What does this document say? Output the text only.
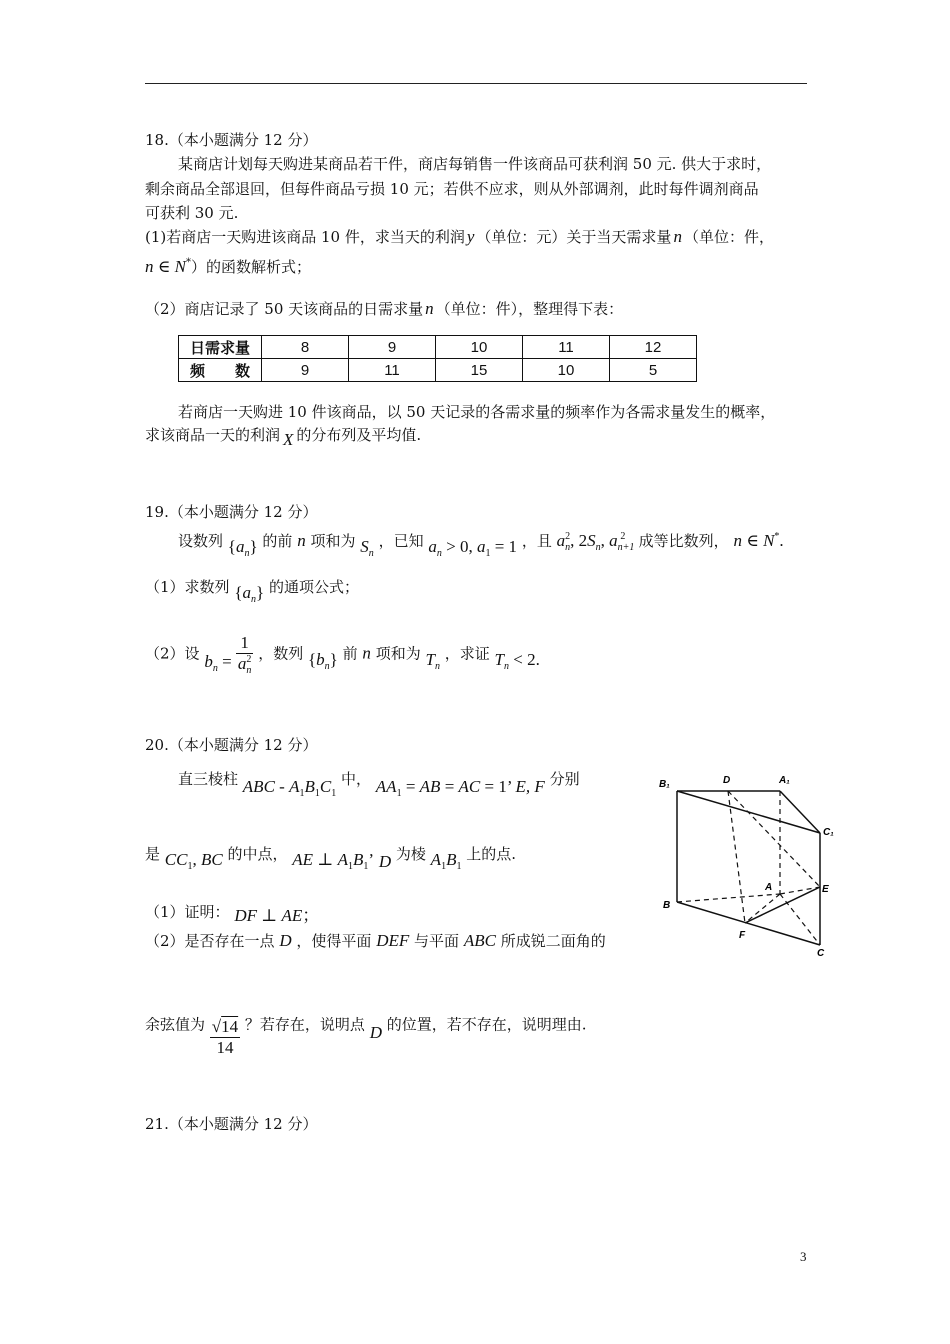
18.（本小题满分 12 分）
某商店计划每天购进某商品若干件，商店每销售一件该商品可获利润 50 元. 供大于求时，
剩余商品全部退回，但每件商品亏损 10 元；若供不应求，则从外部调剂，此时每件调剂商品
可获利 30 元.
(1)若商店一天购进该商品 10 件，求当天的利润 y （单位：元）关于当天需求量 n （单位：件，
n ∈ N*）的函数解析式；
（2）商店记录了 50 天该商品的日需求量 n （单位：件），整理得下表：
日需求量	8	9	10	11	12
频　　数	9	11	15	10	5
若商店一天购进 10 件该商品，以 50 天记录的各需求量的频率作为各需求量发生的概率，
求该商品一天的利润 X 的分布列及平均值.
19.（本小题满分 12 分）
设数列 $\{a_n\}$ 的前 n 项和为 $S_n$ ，已知 $a_n > 0$, $a_1 = 1$ ，且 $a_n^2$, $2S_n$, $a_{n+1}^2$ 成等比数列， n ∈ N*.
（1）求数列 $\{a_n\}$ 的通项公式；
（2）设 $b_n = \frac{1}{a_n^2}$ ，数列 $\{b_n\}$ 前 n 项和为 $T_n$ ，求证 $T_n < 2$.
20.（本小题满分 12 分）
直三棱柱 ABC - $A_1B_1C_1$ 中， $AA_1$ = AB = AC = 1’ E, F 分别
是 $CC_1$, BC 的中点， AE ⊥ $A_1B_1$’ D 为棱 $A_1B_1$ 上的点.
（1）证明： DF ⊥ AE；
（2）是否存在一点 D ，使得平面 DEF 与平面 ABC 所成锐二面角的
余弦值为 $\frac{√14}{14}$ ？若存在，说明点 D 的位置，若不存在，说明理由.
B₁	D	A₁
C₁
A	E
B
F
C
21.（本小题满分 12 分）
3
